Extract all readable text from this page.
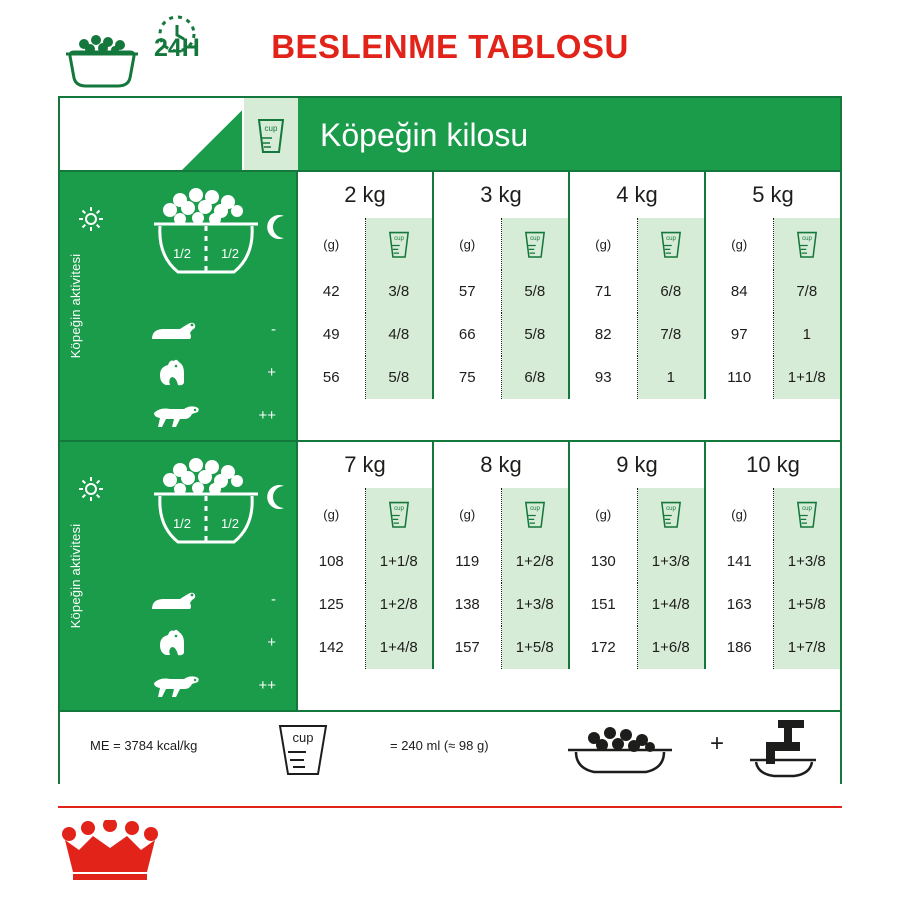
BESLENME TABLOSU
24H
cup	Köpeğin kilosu
Köpeğin aktivitesi
1/2 1/2
-
+
++
2 kg	3 kg	4 kg	5 kg
(g)	cup	(g)	cup	(g)	cup	(g)	cup
42	3/8	57	5/8	71	6/8	84	7/8
49	4/8	66	5/8	82	7/8	97	1
56	5/8	75	6/8	93	1	110	1+1/8
Köpeğin aktivitesi
1/2 1/2
-
+
++
7 kg	8 kg	9 kg	10 kg
(g)	cup	(g)	cup	(g)	cup	(g)	cup
108	1+1/8	119	1+2/8	130	1+3/8	141	1+3/8
125	1+2/8	138	1+3/8	151	1+4/8	163	1+5/8
142	1+4/8	157	1+5/8	172	1+6/8	186	1+7/8
ME = 3784 kcal/kg
cup
= 240 ml (≈ 98 g)	+
